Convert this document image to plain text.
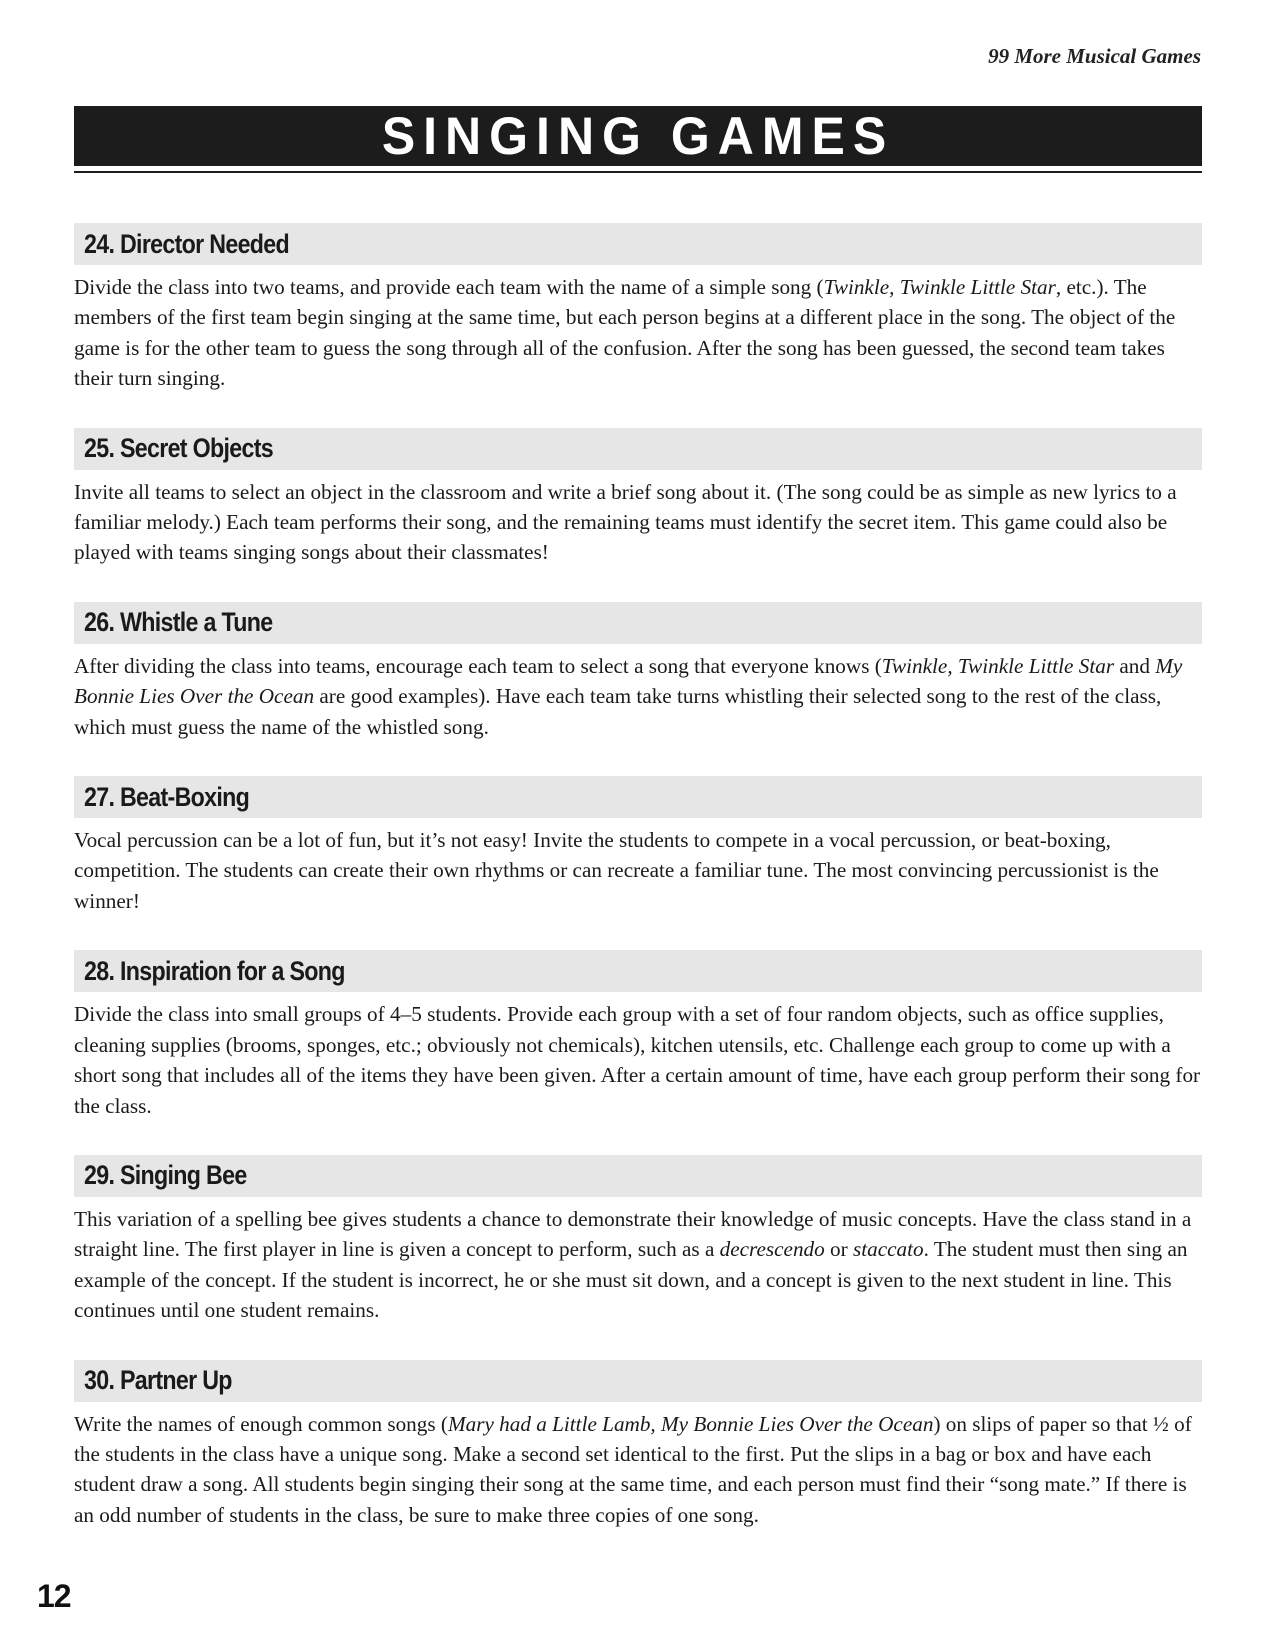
99 More Musical Games
SINGING GAMES
24. Director Needed

Divide the class into two teams, and provide each team with the name of a simple song (Twinkle, Twinkle Little Star, etc.). The members of the first team begin singing at the same time, but each person begins at a different place in the song. The object of the game is for the other team to guess the song through all of the confusion. After the song has been guessed, the second team takes their turn singing.

25. Secret Objects

Invite all teams to select an object in the classroom and write a brief song about it. (The song could be as simple as new lyrics to a familiar melody.) Each team performs their song, and the remaining teams must identify the secret item. This game could also be played with teams singing songs about their classmates!

26. Whistle a Tune

After dividing the class into teams, encourage each team to select a song that everyone knows (Twinkle, Twinkle Little Star and My Bonnie Lies Over the Ocean are good examples). Have each team take turns whistling their selected song to the rest of the class, which must guess the name of the whistled song.

27. Beat-Boxing

Vocal percussion can be a lot of fun, but it’s not easy! Invite the students to compete in a vocal percussion, or beat-boxing, competition. The students can create their own rhythms or can recreate a familiar tune. The most convincing percussionist is the winner!

28. Inspiration for a Song

Divide the class into small groups of 4–5 students. Provide each group with a set of four random objects, such as office supplies, cleaning supplies (brooms, sponges, etc.; obviously not chemicals), kitchen utensils, etc. Challenge each group to come up with a short song that includes all of the items they have been given. After a certain amount of time, have each group perform their song for the class.

29. Singing Bee

This variation of a spelling bee gives students a chance to demonstrate their knowledge of music concepts. Have the class stand in a straight line. The first player in line is given a concept to perform, such as a decrescendo or staccato. The student must then sing an example of the concept. If the student is incorrect, he or she must sit down, and a concept is given to the next student in line. This continues until one student remains.

30. Partner Up

Write the names of enough common songs (Mary had a Little Lamb, My Bonnie Lies Over the Ocean) on slips of paper so that ½ of the students in the class have a unique song. Make a second set identical to the first. Put the slips in a bag or box and have each student draw a song. All students begin singing their song at the same time, and each person must find their “song mate.” If there is an odd number of students in the class, be sure to make three copies of one song.

12
